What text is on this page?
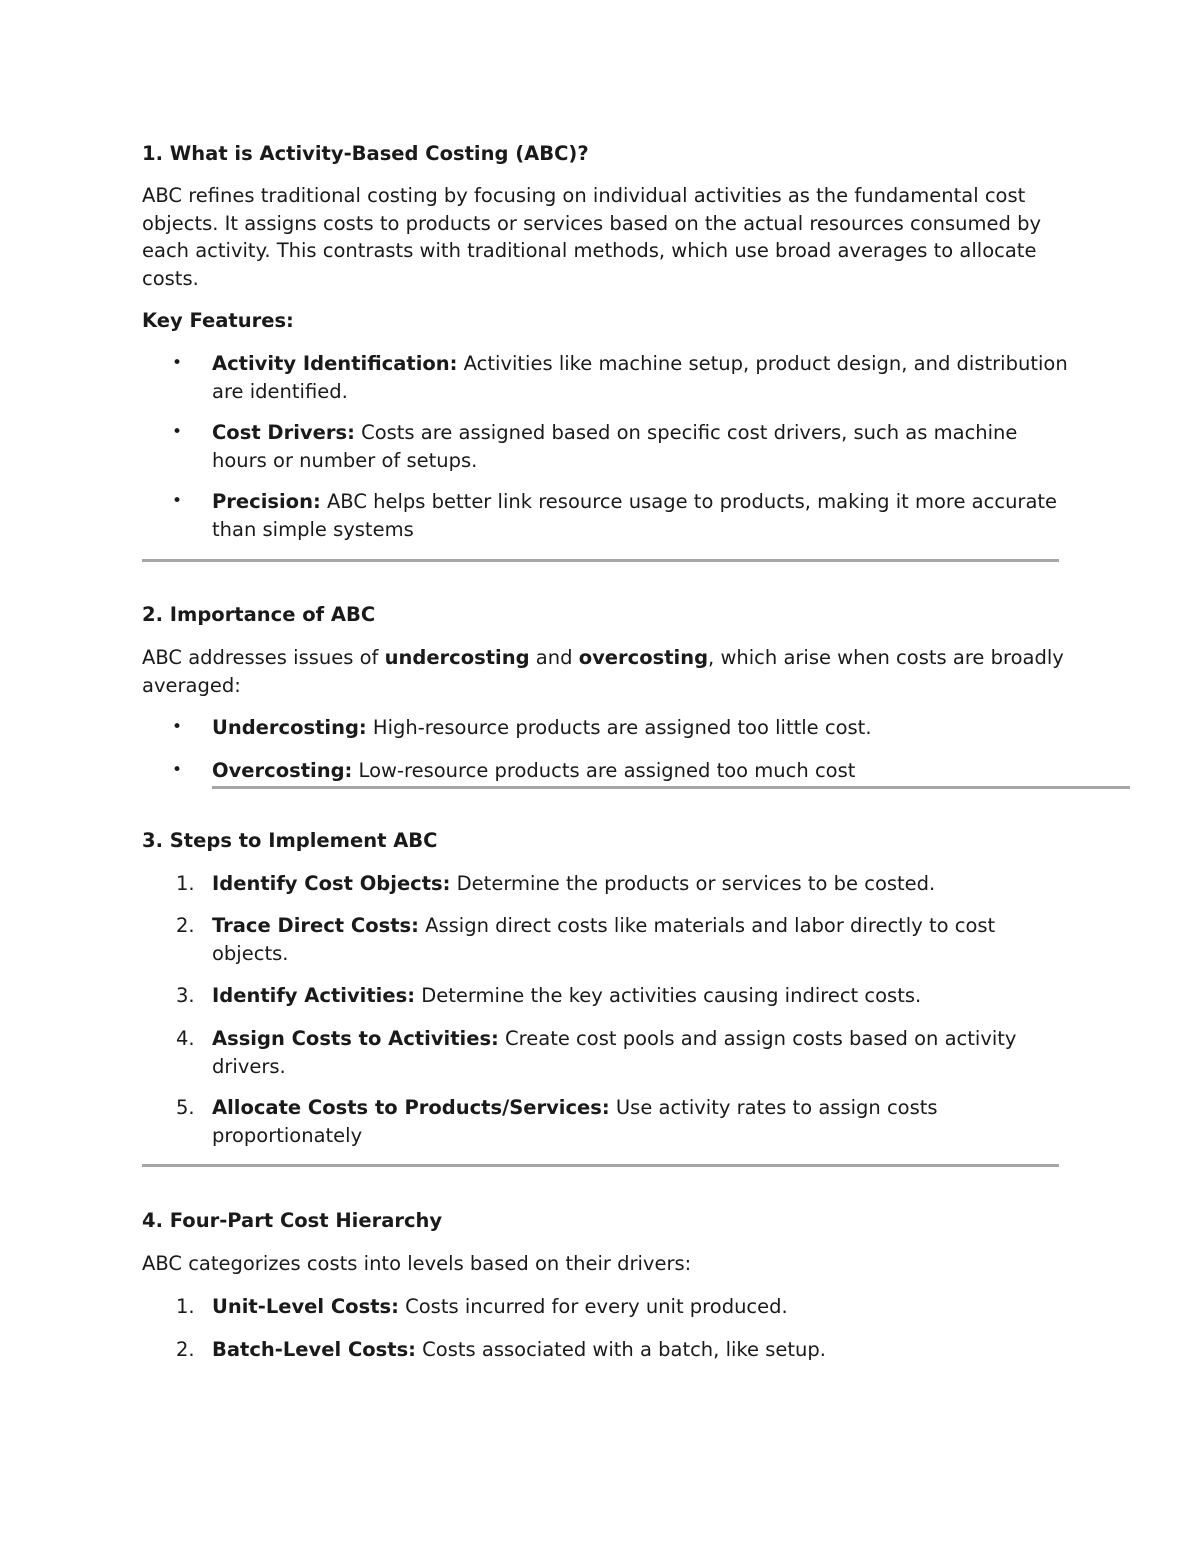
1. What is Activity-Based Costing (ABC)?

ABC refines traditional costing by focusing on individual activities as the fundamental cost objects. It assigns costs to products or services based on the actual resources consumed by each activity. This contrasts with traditional methods, which use broad averages to allocate costs.

Key Features:

• Activity Identification: Activities like machine setup, product design, and distribution are identified.
• Cost Drivers: Costs are assigned based on specific cost drivers, such as machine hours or number of setups.
• Precision: ABC helps better link resource usage to products, making it more accurate than simple systems

2. Importance of ABC

ABC addresses issues of undercosting and overcosting, which arise when costs are broadly averaged:

• Undercosting: High-resource products are assigned too little cost.
• Overcosting: Low-resource products are assigned too much cost

3. Steps to Implement ABC

1. Identify Cost Objects: Determine the products or services to be costed.
2. Trace Direct Costs: Assign direct costs like materials and labor directly to cost objects.
3. Identify Activities: Determine the key activities causing indirect costs.
4. Assign Costs to Activities: Create cost pools and assign costs based on activity drivers.
5. Allocate Costs to Products/Services: Use activity rates to assign costs proportionately

4. Four-Part Cost Hierarchy

ABC categorizes costs into levels based on their drivers:

1. Unit-Level Costs: Costs incurred for every unit produced.
2. Batch-Level Costs: Costs associated with a batch, like setup.
